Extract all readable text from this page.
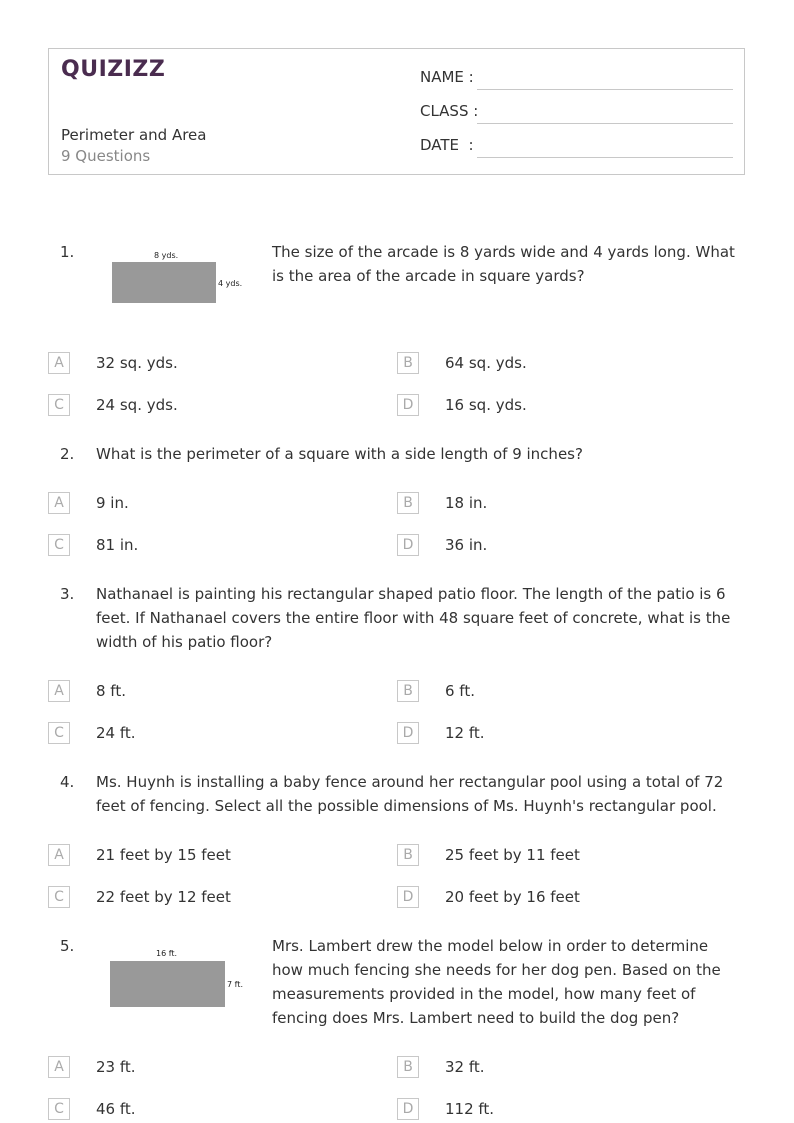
QUIZIZZ
Perimeter and Area
9 Questions
NAME :
CLASS :
DATE  :
1.	8 yds.
4 yds.
The size of the arcade is 8 yards wide and 4 yards long. What is the area of the arcade in square yards?
A	32 sq. yds.	B	64 sq. yds.
C	24 sq. yds.	D	16 sq. yds.
2. What is the perimeter of a square with a side length of 9 inches?
A	9 in.	B	18 in.
C	81 in.	D	36 in.
3. Nathanael is painting his rectangular shaped patio floor. The length of the patio is 6 feet. If Nathanael covers the entire floor with 48 square feet of concrete, what is the width of his patio floor?
A	8 ft.	B	6 ft.
C	24 ft.	D	12 ft.
4. Ms. Huynh is installing a baby fence around her rectangular pool using a total of 72 feet of fencing. Select all the possible dimensions of Ms. Huynh's rectangular pool.
A	21 feet by 15 feet	B	25 feet by 11 feet
C	22 feet by 12 feet	D	20 feet by 16 feet
5.	16 ft.
7 ft.
Mrs. Lambert drew the model below in order to determine how much fencing she needs for her dog pen. Based on the measurements provided in the model, how many feet of fencing does Mrs. Lambert need to build the dog pen?
A	23 ft.	B	32 ft.
C	46 ft.	D	112 ft.
